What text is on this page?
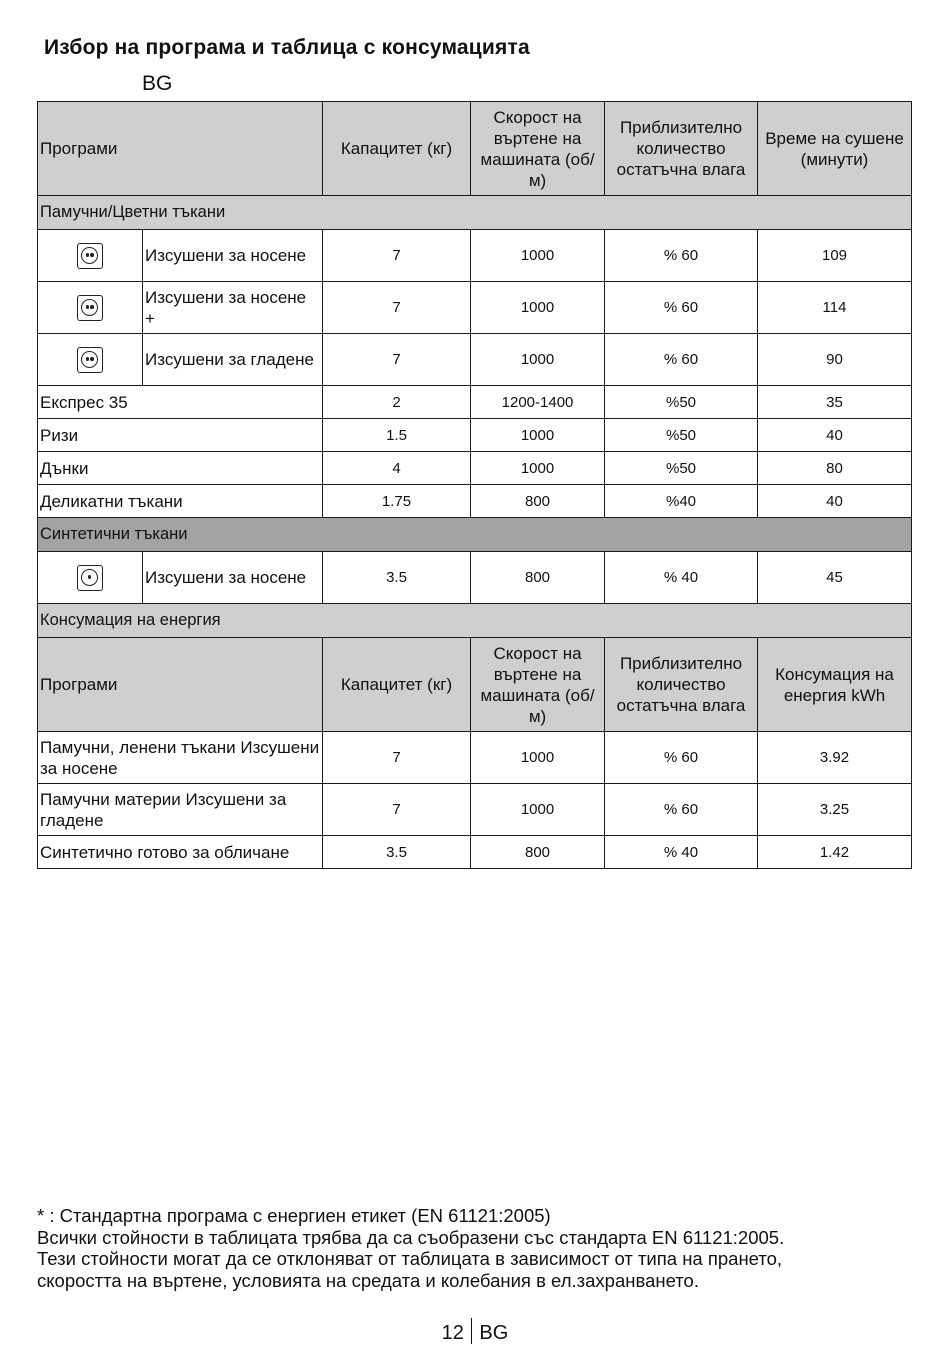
Избор на програма и таблица с консумацията
BG
Програми		Капацитет (кг)	Скорост на въртене на машината (об/м)	Приблизително количество остатъчна влага	Време на сушене (минути)
Памучни/Цветни тъкани					

	Изсушени за носене	7	1000	% 60	109

	Изсушени за носене +	7	1000	% 60	114

	Изсушени за гладене	7	1000	% 60	90
Експрес 35		2	1200-1400	%50	35
Ризи		1.5	1000	%50	40
Дънки		4	1000	%50	80
Деликатни тъкани		1.75	800	%40	40
Синтетични тъкани					

	Изсушени за носене	3.5	800	% 40	45
Консумация на енергия					
Програми		Капацитет (кг)	Скорост на въртене на машината (об/м)	Приблизително количество остатъчна влага	Консумация на енергия kWh
Памучни, ленени тъкани Изсушени за носене		7	1000	% 60	3.92
Памучни материи Изсушени за гладене		7	1000	% 60	3.25
Синтетично готово за обличане		3.5	800	% 40	1.42
* : Стандартна програма с енергиен етикет (EN 61121:2005)
Всички стойности в таблицата трябва да са съобразени със стандарта EN 61121:2005.
Тези стойности могат да се отклоняват от таблицата в зависимост от типа на прането,
скоростта на въртене, условията на средата и колебания в ел.захранването.
12 BG
